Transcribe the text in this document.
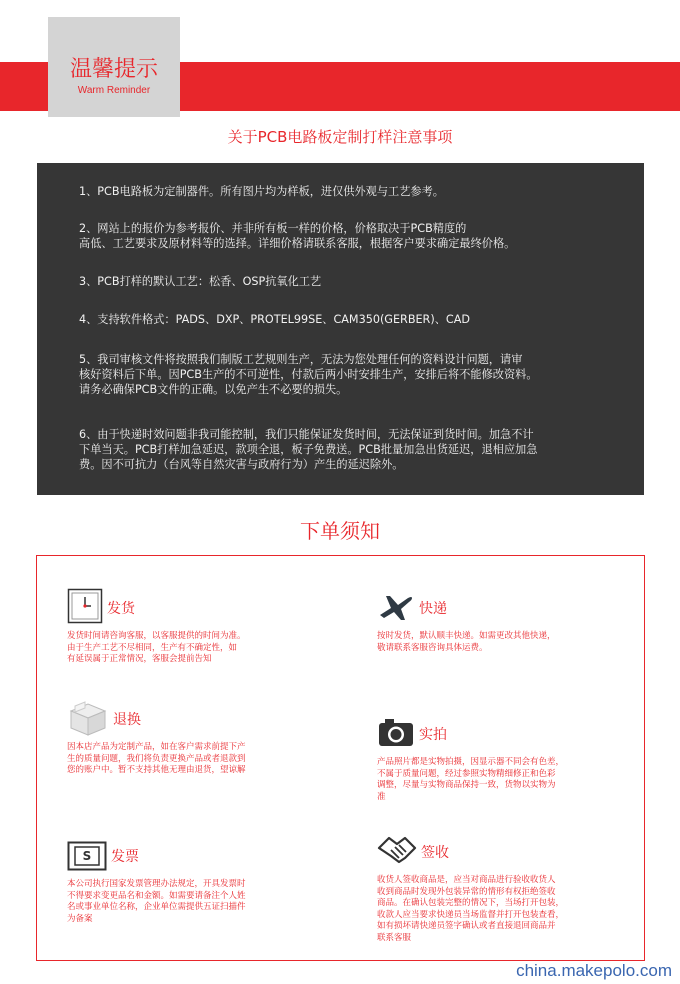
温馨提示
Warm Reminder
关于PCB电路板定制打样注意事项

1、PCB电路板为定制器件。所有图片均为样板，进仅供外观与工艺参考。

2、网站上的报价为参考报价、并非所有板一样的价格，价格取决于PCB精度的
高低、工艺要求及原材料等的选择。详细价格请联系客服，根据客户要求确定最终价格。

3、PCB打样的默认工艺：松香、OSP抗氧化工艺

4、支持软件格式：PADS、DXP、PROTEL99SE、CAM350(GERBER)、CAD

5、我司审核文件将按照我们制版工艺规则生产，无法为您处理任何的资料设计问题，请审
核好资料后下单。因PCB生产的不可逆性，付款后两小时安排生产，安排后将不能修改资料。
请务必确保PCB文件的正确。以免产生不必要的损失。

6、由于快递时效问题非我司能控制，我们只能保证发货时间，无法保证到货时间。加急不计
下单当天。PCB打样加急延迟，款项全退，板子免费送。PCB批量加急出货延迟，退相应加急
费。因不可抗力（台风等自然灾害与政府行为）产生的延迟除外。

下单须知
发货
发货时间请咨询客服，以客服提供的时间为准。
由于生产工艺不尽相同，生产有不确定性，如
有延误属于正常情况，客服会提前告知
快递
按时发货，默认顺丰快递。如需更改其他快递，
敬请联系客服咨询具体运费。
退换
因本店产品为定制产品，如在客户需求前提下产
生的质量问题，我们将负责更换产品或者退款到
您的账户中。暂不支持其他无理由退货，望谅解
实拍
产品照片都是实物拍摄，因显示器不同会有色差，
不属于质量问题，经过参照实物精细修正和色彩
调整，尽量与实物商品保持一致，货物以实物为
准
S	发票
本公司执行国家发票管理办法规定，开具发票时
不得要求变更品名和金额。如需要请备注个人姓
名或事业单位名称，企业单位需提供五证扫描件
为备案
签收
收货人签收商品是，应当对商品进行验收收货人
收到商品时发现外包装异常的情形有权拒绝签收
商品。在确认包装完整的情况下，当场打开包装，
收款人应当要求快递员当场监督并打开包装查看，
如有损坏请快递员签字确认或者直接退回商品并
联系客服
china.makepolo.com
